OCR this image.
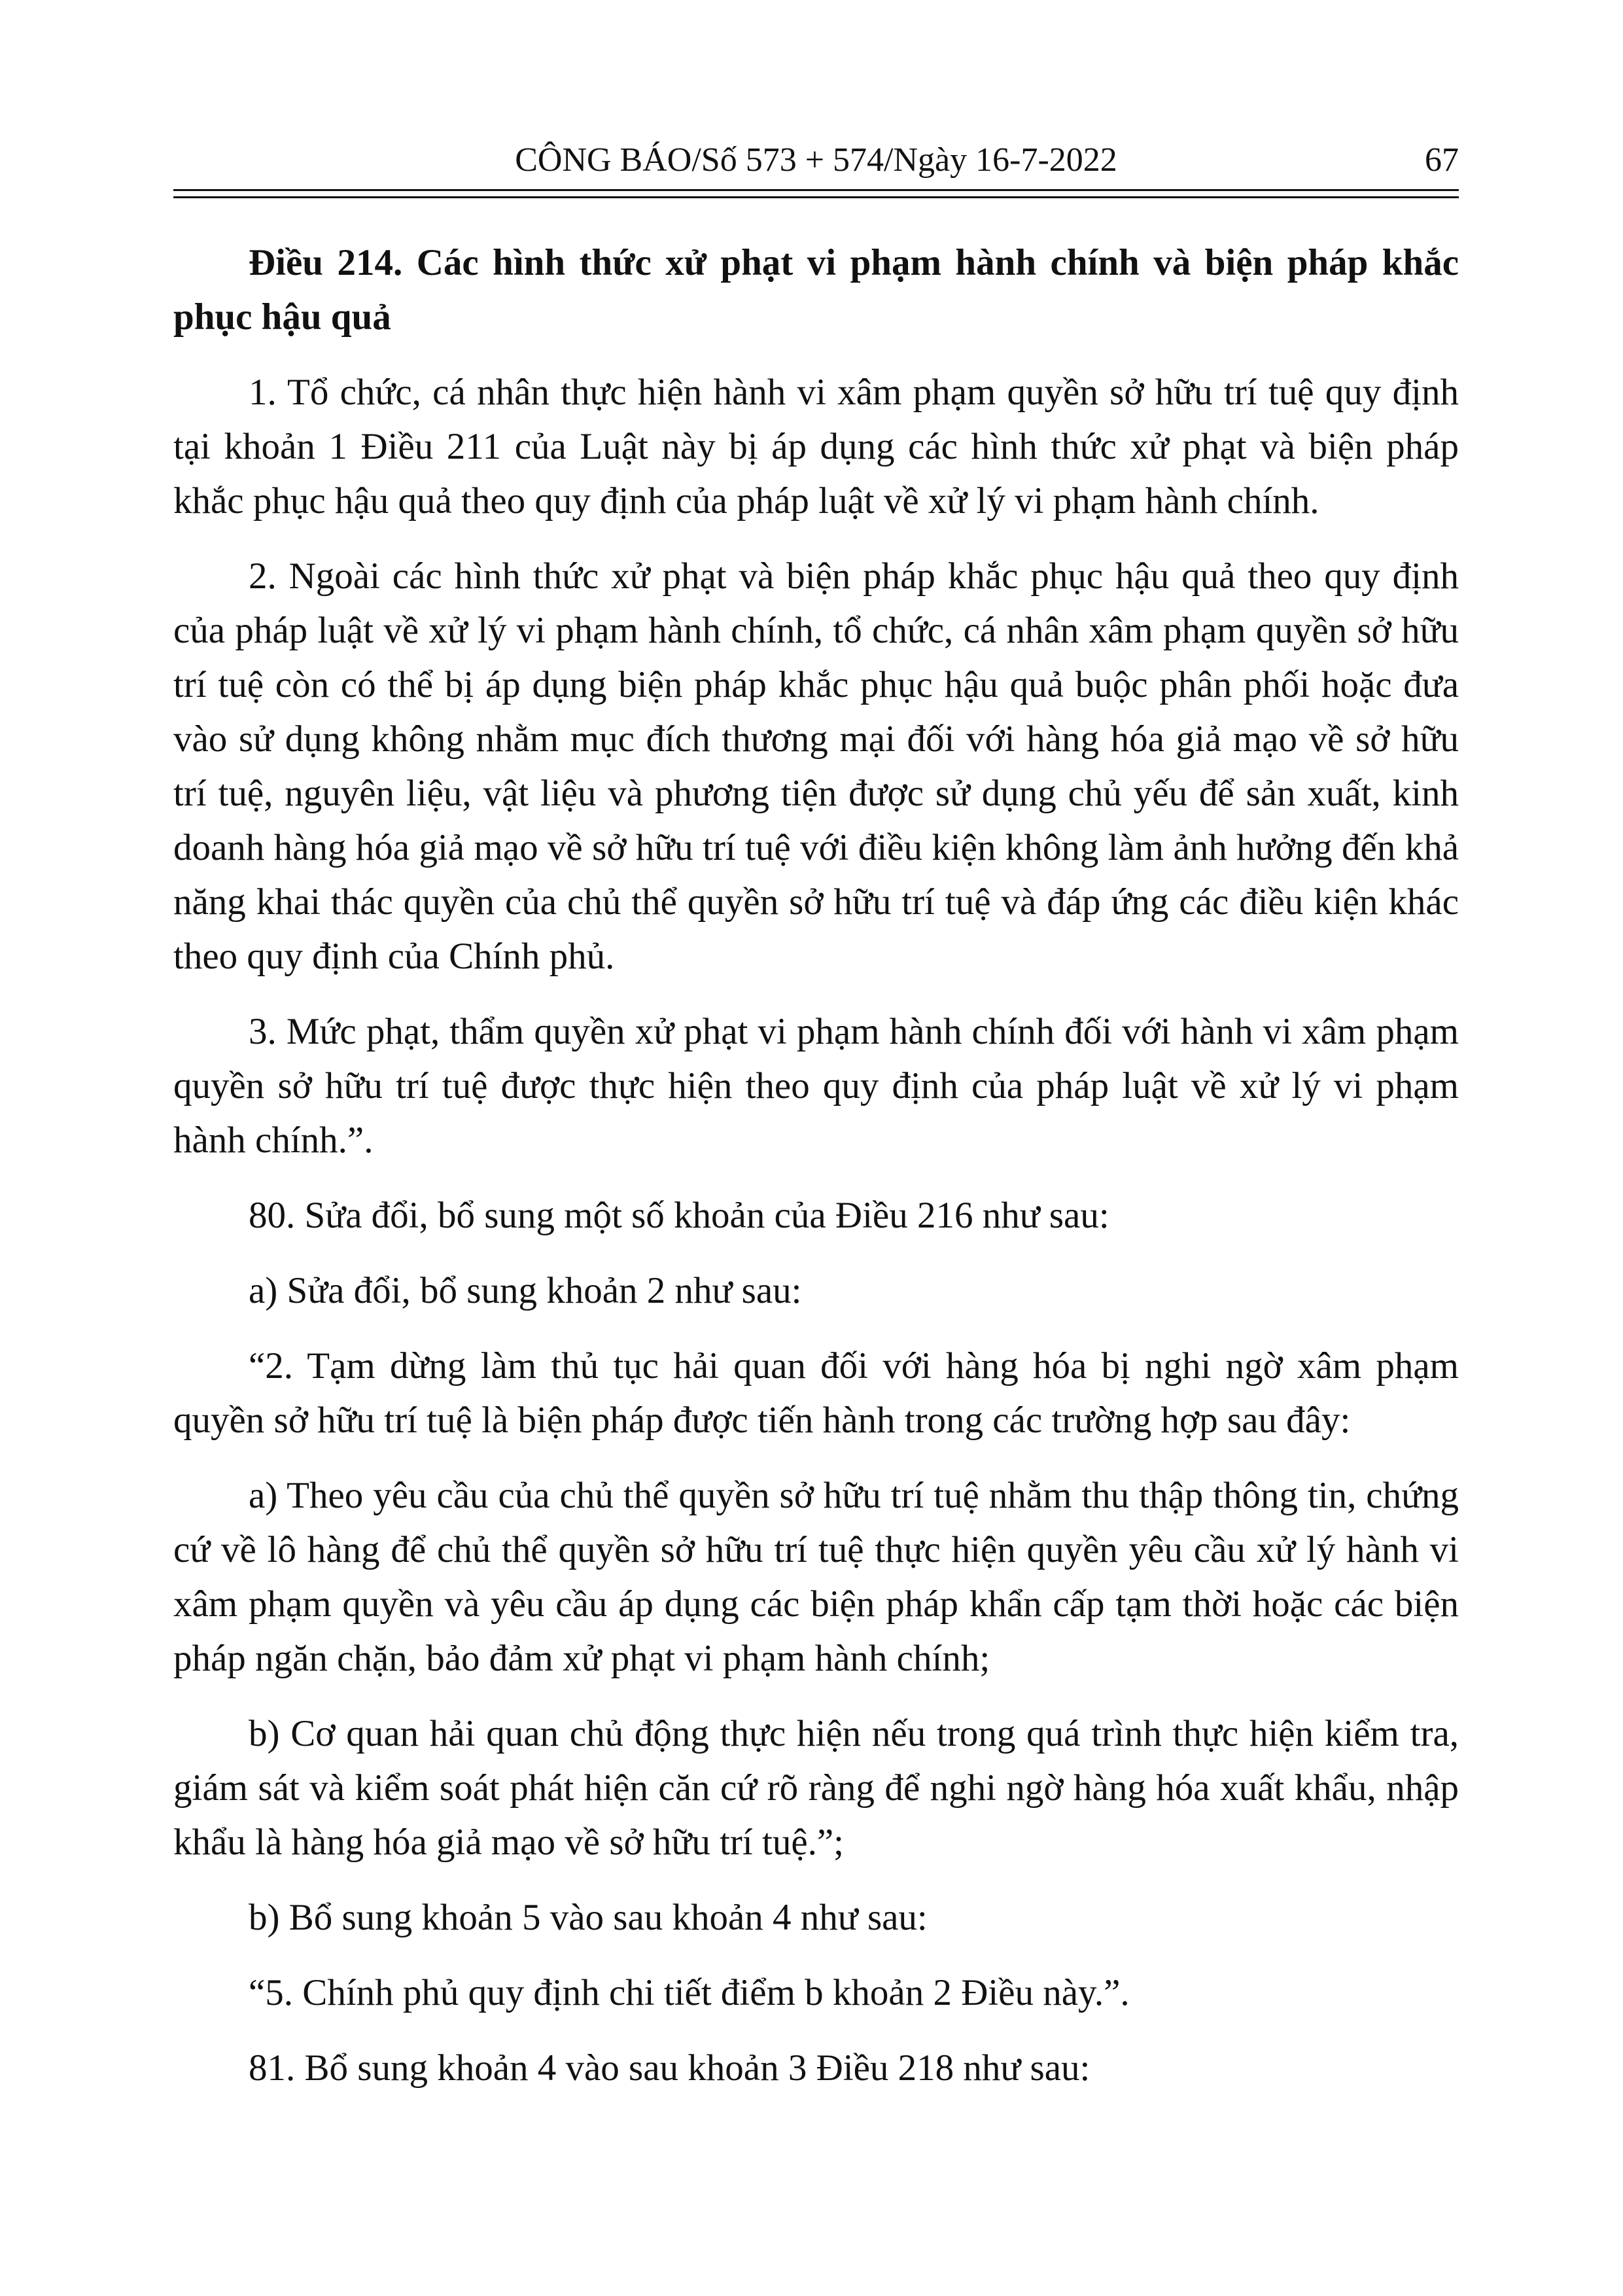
CÔNG BÁO/Số 573 + 574/Ngày 16-7-2022	67

Điều 214. Các hình thức xử phạt vi phạm hành chính và biện pháp khắc phục hậu quả

1. Tổ chức, cá nhân thực hiện hành vi xâm phạm quyền sở hữu trí tuệ quy định tại khoản 1 Điều 211 của Luật này bị áp dụng các hình thức xử phạt và biện pháp khắc phục hậu quả theo quy định của pháp luật về xử lý vi phạm hành chính.

2. Ngoài các hình thức xử phạt và biện pháp khắc phục hậu quả theo quy định của pháp luật về xử lý vi phạm hành chính, tổ chức, cá nhân xâm phạm quyền sở hữu trí tuệ còn có thể bị áp dụng biện pháp khắc phục hậu quả buộc phân phối hoặc đưa vào sử dụng không nhằm mục đích thương mại đối với hàng hóa giả mạo về sở hữu trí tuệ, nguyên liệu, vật liệu và phương tiện được sử dụng chủ yếu để sản xuất, kinh doanh hàng hóa giả mạo về sở hữu trí tuệ với điều kiện không làm ảnh hưởng đến khả năng khai thác quyền của chủ thể quyền sở hữu trí tuệ và đáp ứng các điều kiện khác theo quy định của Chính phủ.

3. Mức phạt, thẩm quyền xử phạt vi phạm hành chính đối với hành vi xâm phạm quyền sở hữu trí tuệ được thực hiện theo quy định của pháp luật về xử lý vi phạm hành chính.”.

80. Sửa đổi, bổ sung một số khoản của Điều 216 như sau:

a) Sửa đổi, bổ sung khoản 2 như sau:

“2. Tạm dừng làm thủ tục hải quan đối với hàng hóa bị nghi ngờ xâm phạm quyền sở hữu trí tuệ là biện pháp được tiến hành trong các trường hợp sau đây:

a) Theo yêu cầu của chủ thể quyền sở hữu trí tuệ nhằm thu thập thông tin, chứng cứ về lô hàng để chủ thể quyền sở hữu trí tuệ thực hiện quyền yêu cầu xử lý hành vi xâm phạm quyền và yêu cầu áp dụng các biện pháp khẩn cấp tạm thời hoặc các biện pháp ngăn chặn, bảo đảm xử phạt vi phạm hành chính;

b) Cơ quan hải quan chủ động thực hiện nếu trong quá trình thực hiện kiểm tra, giám sát và kiểm soát phát hiện căn cứ rõ ràng để nghi ngờ hàng hóa xuất khẩu, nhập khẩu là hàng hóa giả mạo về sở hữu trí tuệ.”;

b) Bổ sung khoản 5 vào sau khoản 4 như sau:

“5. Chính phủ quy định chi tiết điểm b khoản 2 Điều này.”.

81. Bổ sung khoản 4 vào sau khoản 3 Điều 218 như sau:
